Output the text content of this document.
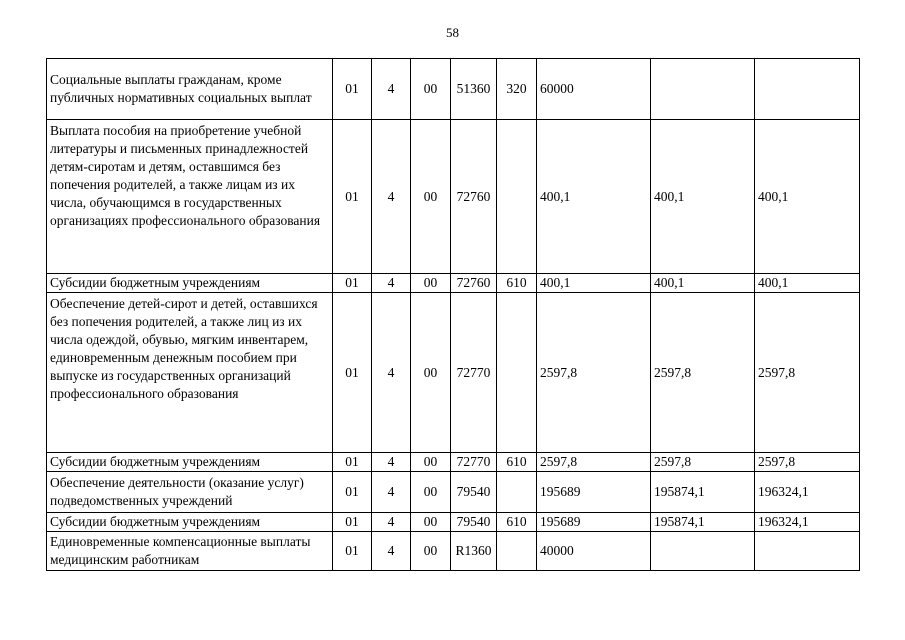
58
Социальные выплаты гражданам, кроме публичных нормативных социальных выплат	01	4	00	51360	320	60000		
Выплата пособия на приобретение учебной литературы и письменных принадлежностей детям-сиротам и детям, оставшимся без попечения родителей, а также лицам из их числа, обучающимся в государственных организациях профессионального образования	01	4	00	72760		400,1	400,1	400,1
Субсидии бюджетным учреждениям	01	4	00	72760	610	400,1	400,1	400,1
Обеспечение детей-сирот и детей, оставшихся без попечения родителей, а также лиц из их числа одеждой, обувью, мягким инвентарем, единовременным денежным пособием при выпуске из государственных организаций профессионального образования	01	4	00	72770		2597,8	2597,8	2597,8
Субсидии бюджетным учреждениям	01	4	00	72770	610	2597,8	2597,8	2597,8
Обеспечение деятельности (оказание услуг) подведомственных учреждений	01	4	00	79540		195689	195874,1	196324,1
Субсидии бюджетным учреждениям	01	4	00	79540	610	195689	195874,1	196324,1
Единовременные компенсационные выплаты медицинским работникам	01	4	00	R1360		40000		
